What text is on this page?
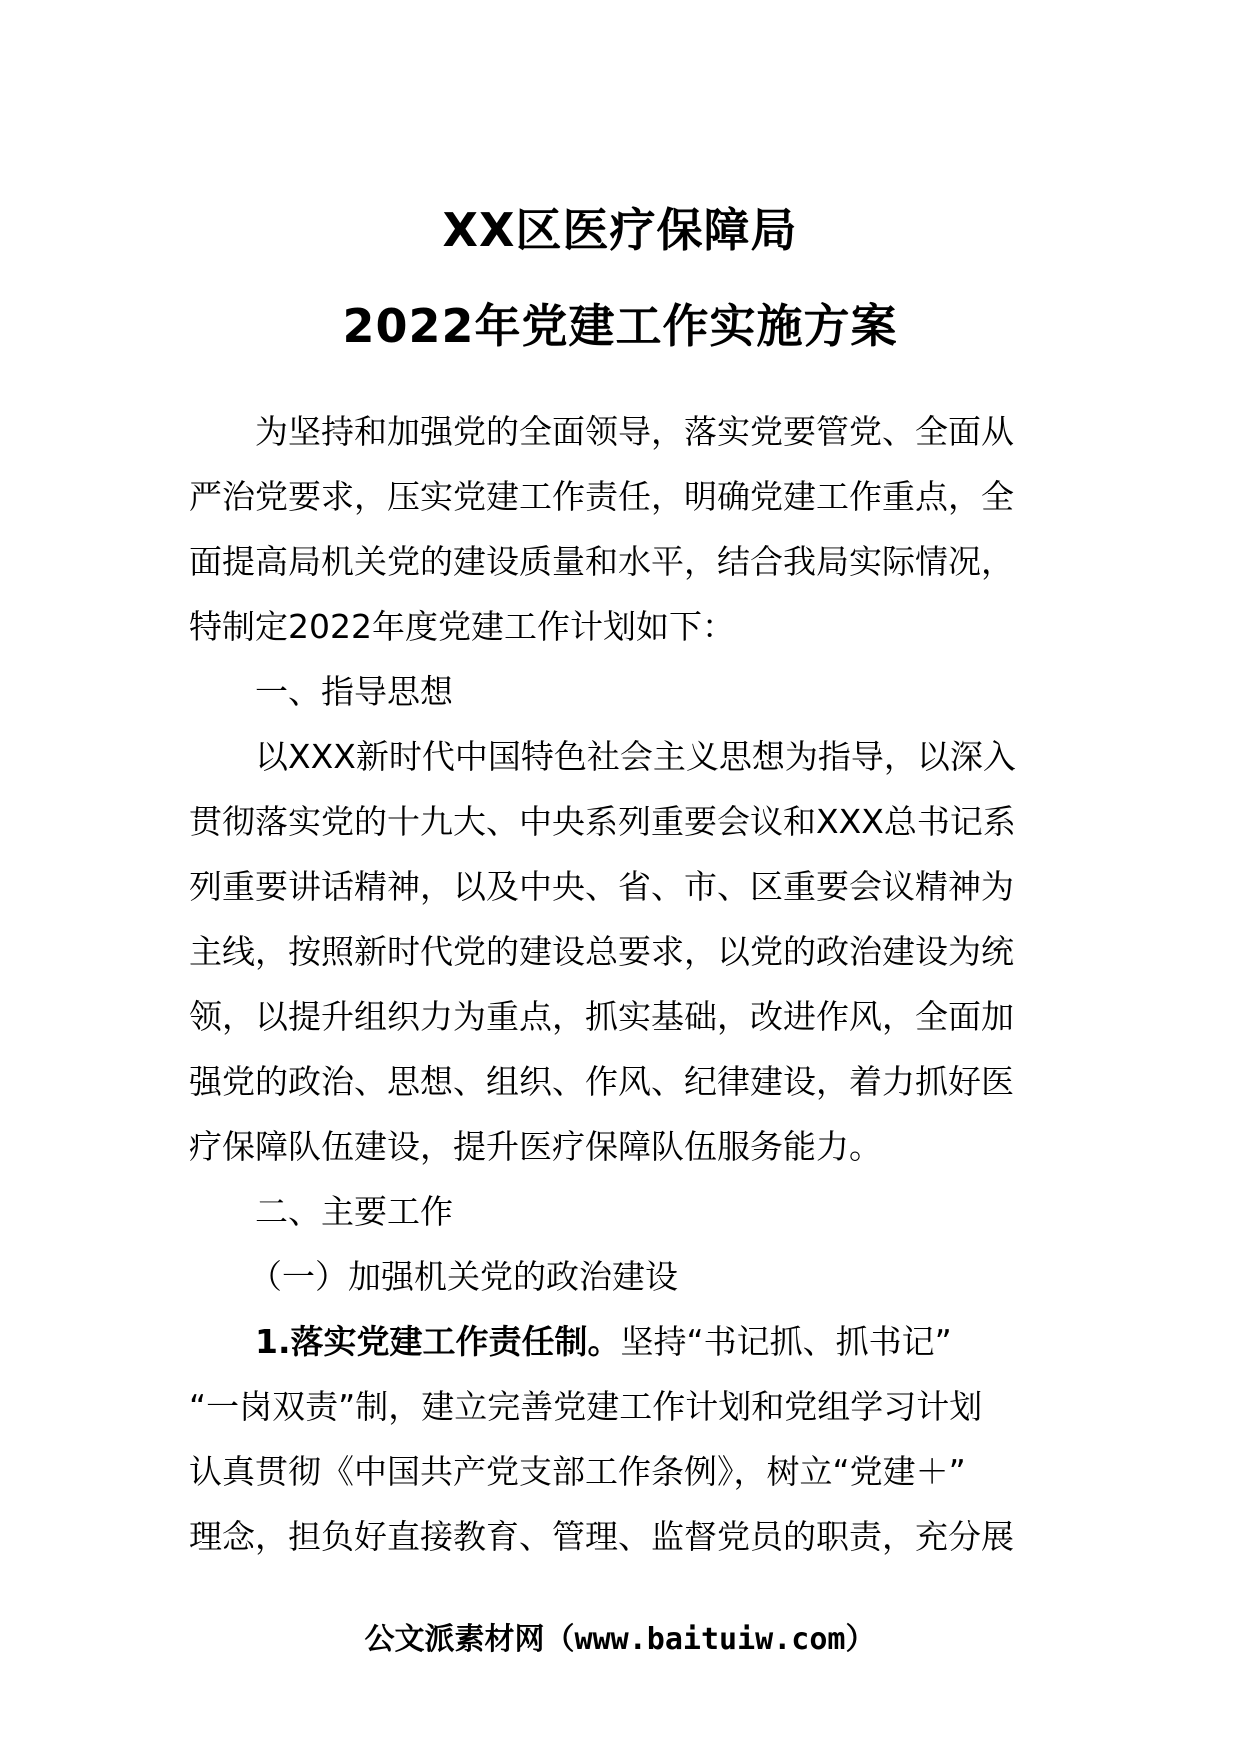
XX区医疗保障局
2022年党建工作实施方案
为坚持和加强党的全面领导，落实党要管党、全面从
严治党要求，压实党建工作责任，明确党建工作重点，全
面提高局机关党的建设质量和水平，结合我局实际情况，
特制定2022年度党建工作计划如下：
一、指导思想
以XXX新时代中国特色社会主义思想为指导，以深入
贯彻落实党的十九大、中央系列重要会议和XXX总书记系
列重要讲话精神，以及中央、省、市、区重要会议精神为
主线，按照新时代党的建设总要求，以党的政治建设为统
领，以提升组织力为重点，抓实基础，改进作风，全面加
强党的政治、思想、组织、作风、纪律建设，着力抓好医
疗保障队伍建设，提升医疗保障队伍服务能力。
二、主要工作
（一）加强机关党的政治建设
1.落实党建工作责任制。坚持“书记抓、抓书记”
“一岗双责”制，建立完善党建工作计划和党组学习计划
认真贯彻《中国共产党支部工作条例》，树立“党建＋”
理念，担负好直接教育、管理、监督党员的职责，充分展
公文派素材网（www.baituiw.com）
